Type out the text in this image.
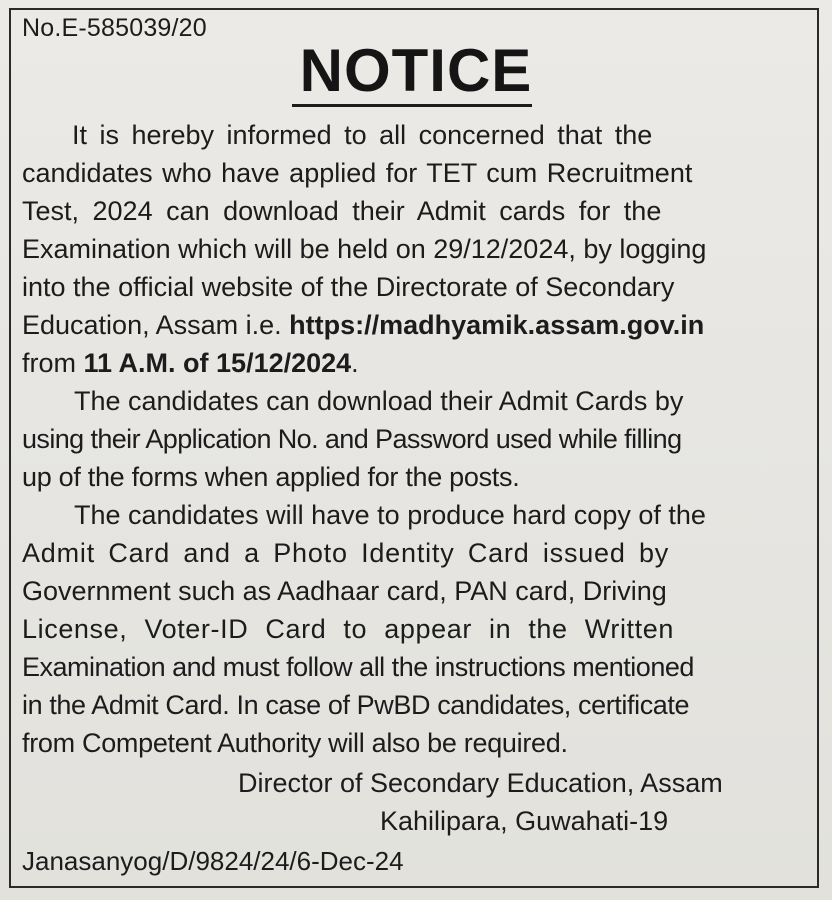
No.E-585039/20

NOTICE

It is hereby informed to all concerned that the

candidates who have applied for TET cum Recruitment

Test, 2024 can download their Admit cards for the

Examination which will be held on 29/12/2024, by logging

into the official website of the Directorate of Secondary

Education, Assam i.e. https://madhyamik.assam.gov.in

from 11 A.M. of 15/12/2024.

The candidates can download their Admit Cards by

using their Application No. and Password used while filling

up of the forms when applied for the posts.

The candidates will have to produce hard copy of the

Admit Card and a Photo Identity Card issued by

Government such as Aadhaar card, PAN card, Driving

License, Voter-ID Card to appear in the Written

Examination and must follow all the instructions mentioned

in the Admit Card. In case of PwBD candidates, certificate

from Competent Authority will also be required.

Director of Secondary Education, Assam

Kahilipara, Guwahati-19

Janasanyog/D/9824/24/6-Dec-24
